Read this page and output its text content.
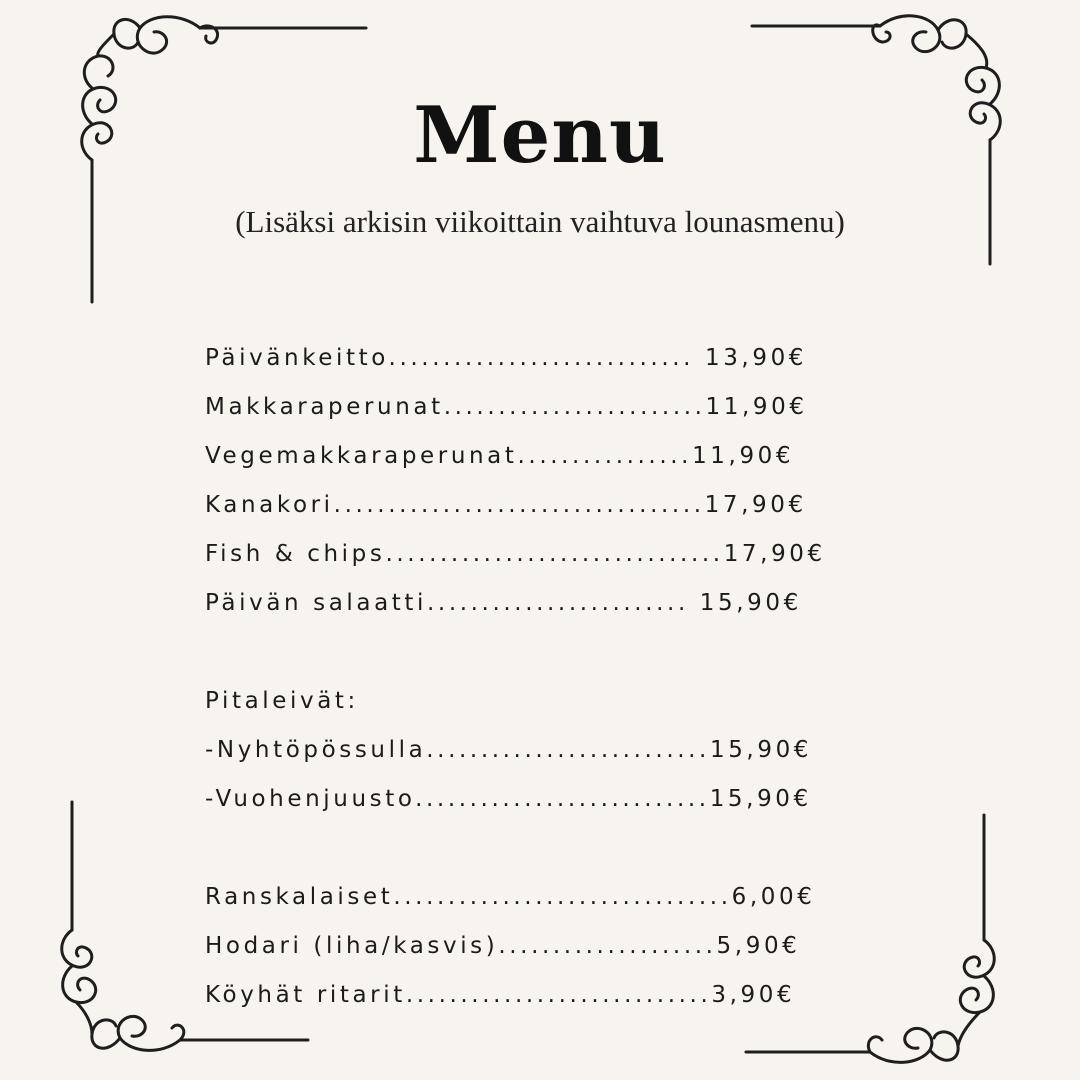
Menu
(Lisäksi arkisin viikoittain vaihtuva lounasmenu)
Päivänkeitto............................ 13,90€
Makkaraperunat........................11,90€
Vegemakkaraperunat................11,90€
Kanakori..................................17,90€
Fish & chips...............................17,90€
Päivän salaatti........................ 15,90€
Pitaleivät:
-Nyhtöpössulla..........................15,90€
-Vuohenjuusto...........................15,90€
Ranskalaiset...............................6,00€
Hodari (liha/kasvis)....................5,90€
Köyhät ritarit............................3,90€
